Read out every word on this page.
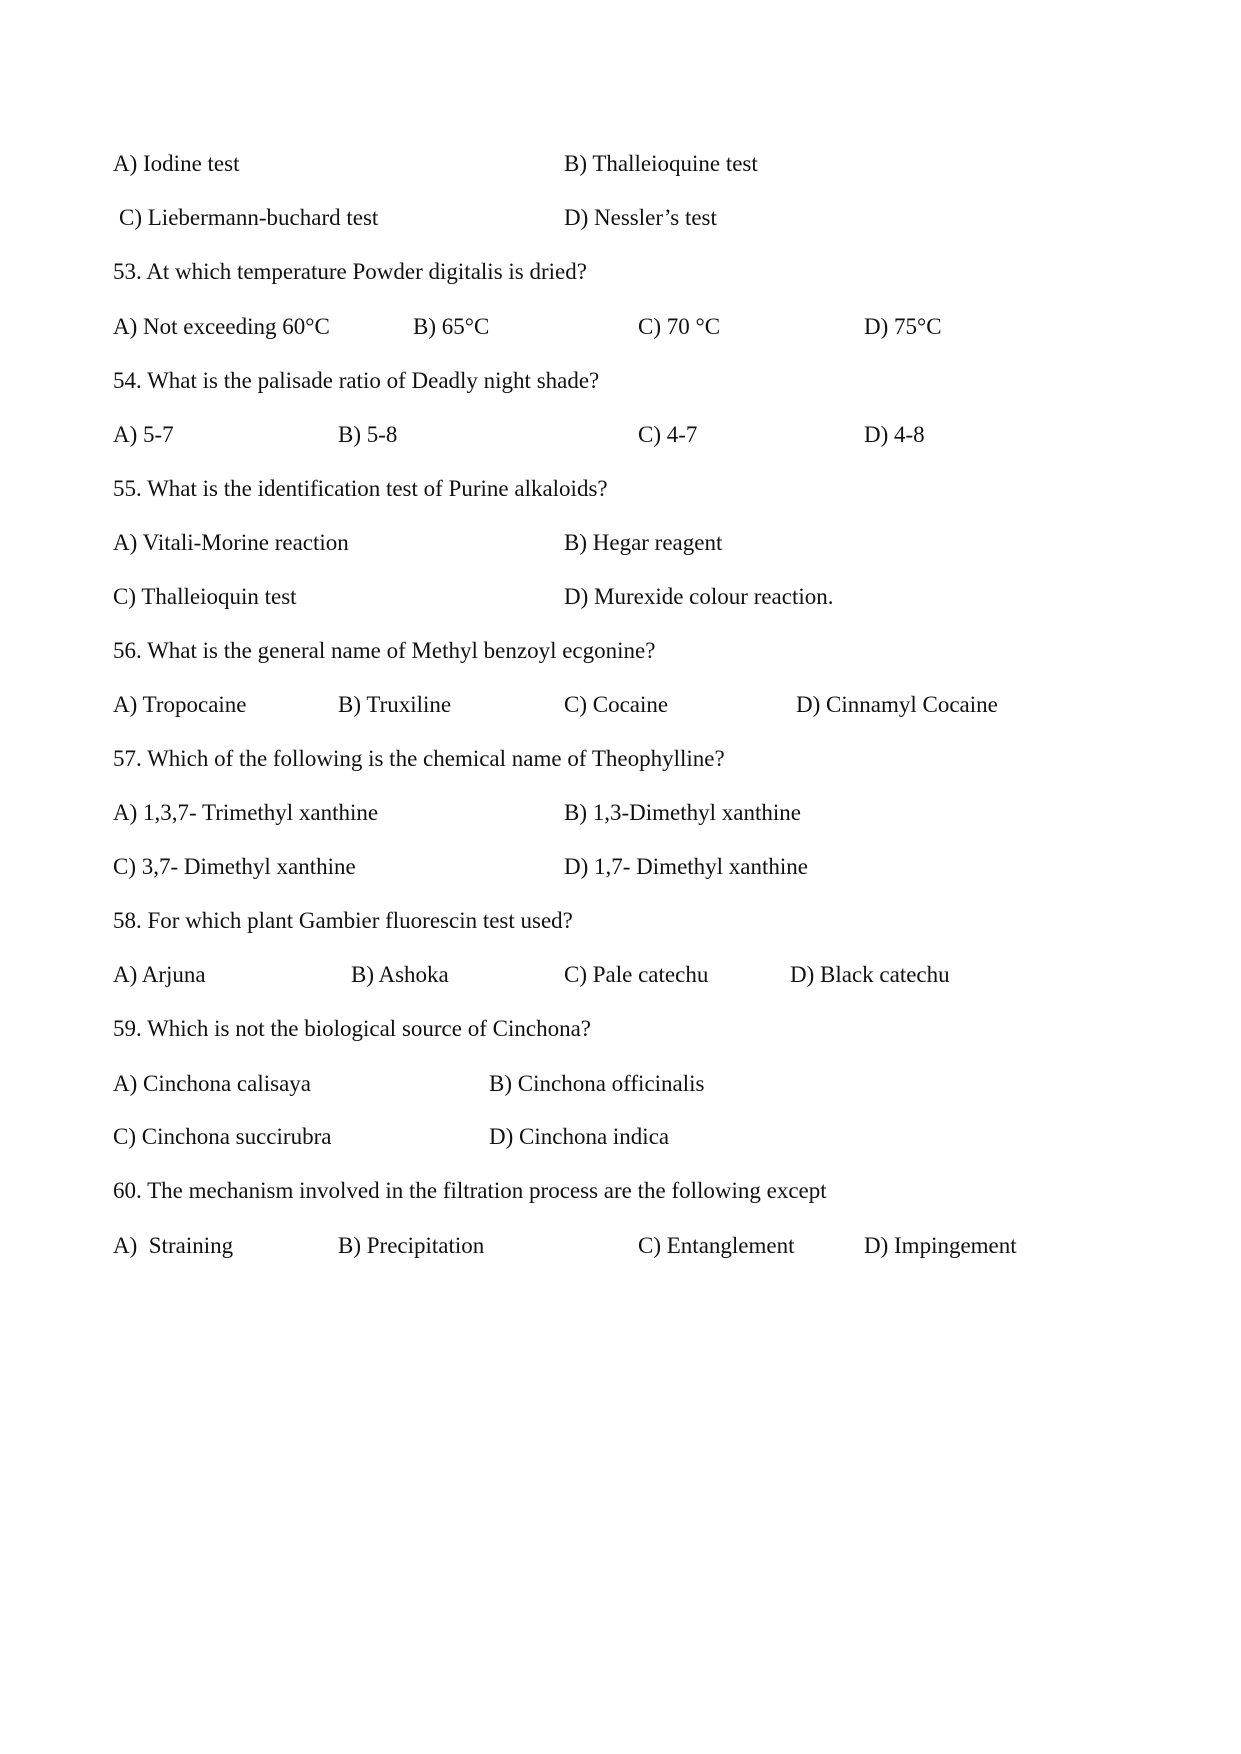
A) Iodine test	B) Thalleioquine test
C) Liebermann-buchard test	D) Nessler’s test
53. At which temperature Powder digitalis is dried?
A) Not exceeding 60°C	B) 65°C	C) 70 °C	D) 75°C
54. What is the palisade ratio of Deadly night shade?
A) 5-7	B) 5-8	C) 4-7	D) 4-8
55. What is the identification test of Purine alkaloids?
A) Vitali-Morine reaction	B) Hegar reagent
C) Thalleioquin test	D) Murexide colour reaction.
56. What is the general name of Methyl benzoyl ecgonine?
A) Tropocaine	B) Truxiline	C) Cocaine	D) Cinnamyl Cocaine
57. Which of the following is the chemical name of Theophylline?
A) 1,3,7- Trimethyl xanthine	B) 1,3-Dimethyl xanthine
C) 3,7- Dimethyl xanthine	D) 1,7- Dimethyl xanthine
58. For which plant Gambier fluorescin test used?
A) Arjuna	B) Ashoka	C) Pale catechu	D) Black catechu
59. Which is not the biological source of Cinchona?
A) Cinchona calisaya	B) Cinchona officinalis
C) Cinchona succirubra	D) Cinchona indica
60. The mechanism involved in the filtration process are the following except
A)  Straining	B) Precipitation	C) Entanglement	D) Impingement
